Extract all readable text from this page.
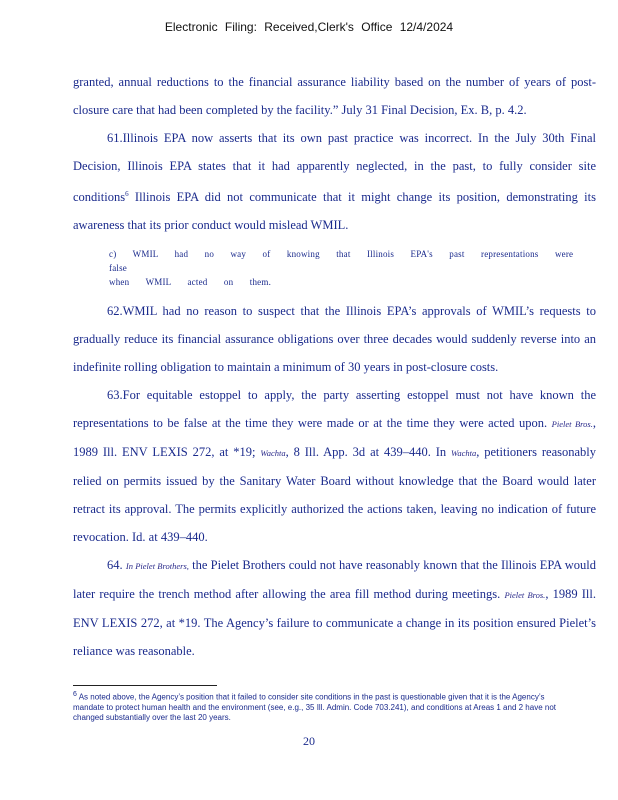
Electronic Filing: Received,Clerk's Office 12/4/2024

granted, annual reductions to the financial assurance liability based on the number of years of post- closure care that had been completed by the facility.” July 31 Final Decision, Ex. B, p. 4.2.

61.Illinois EPA now asserts that its own past practice was incorrect. In the July 30th Final Decision, Illinois EPA states that it had apparently neglected, in the past, to fully consider site conditions$^6$ Illinois EPA did not communicate that it might change its position, demonstrating its awareness that its prior conduct would mislead WMIL.

c) WMIL had no way of knowing that Illinois EPA's past representations were false
when WMIL acted on them.

62.WMIL had no reason to suspect that the Illinois EPA’s approvals of WMIL’s requests to gradually reduce its financial assurance obligations over three decades would suddenly reverse into an indefinite rolling obligation to maintain a minimum of 30 years in post-closure costs.

63.For equitable estoppel to apply, the party asserting estoppel must not have known the representations to be false at the time they were made or at the time they were acted upon. Pielet Bros., 1989 Ill. ENV LEXIS 272, at *19; Wachta, 8 Ill. App. 3d at 439–440. In Wachta, petitioners reasonably relied on permits issued by the Sanitary Water Board without knowledge that the Board would later retract its approval. The permits explicitly authorized the actions taken, leaving no indication of future revocation. Id. at 439–440.

64. In Pielet Brothers, the Pielet Brothers could not have reasonably known that the Illinois EPA would later require the trench method after allowing the area fill method during meetings. Pielet Bros., 1989 Ill. ENV LEXIS 272, at *19. The Agency’s failure to communicate a change in its position ensured Pielet’s reliance was reasonable.

6 As noted above, the Agency’s position that it failed to consider site conditions in the past is questionable given that it is the Agency’s mandate to protect human health and the environment (see, e.g., 35 Ill. Admin. Code 703.241), and conditions at Areas 1 and 2 have not changed substantially over the last 20 years.
20
